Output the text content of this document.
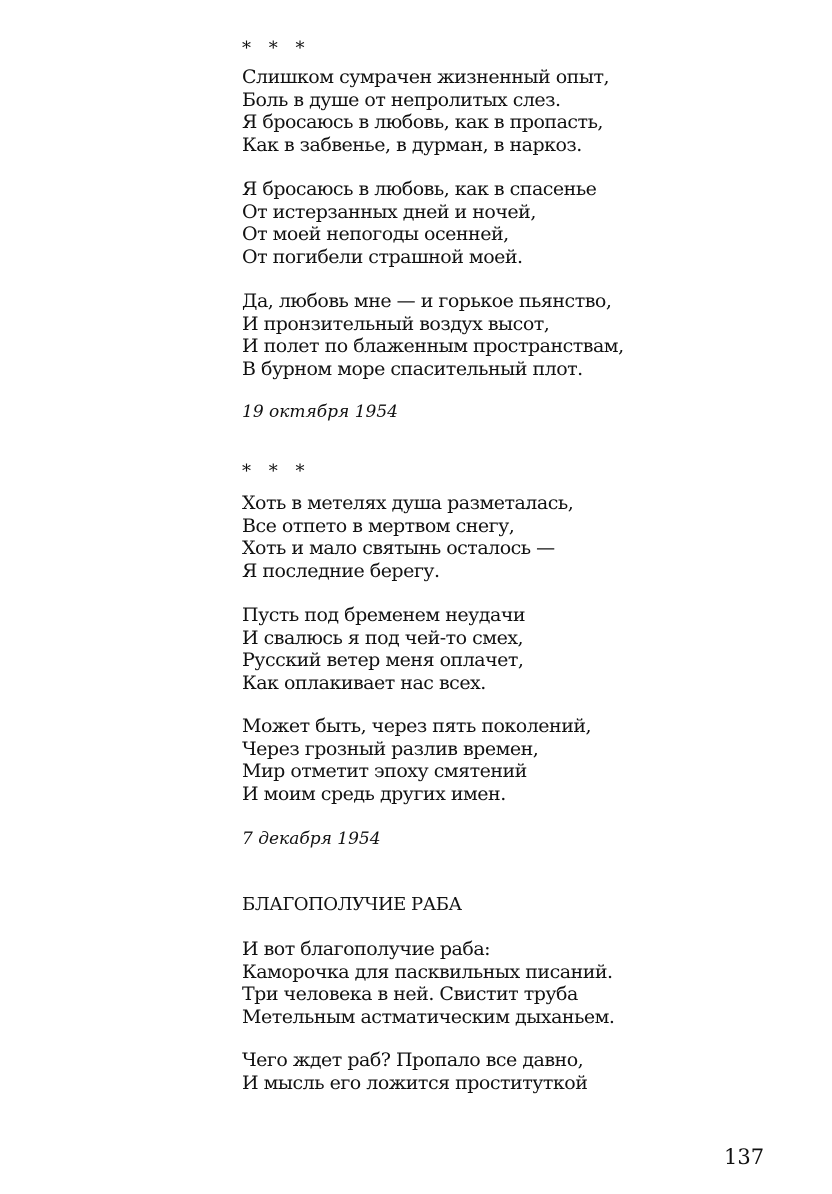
* * *
Слишком сумрачен жизненный опыт,
Боль в душе от непролитых слез.
Я бросаюсь в любовь, как в пропасть,
Как в забвенье, в дурман, в наркоз.
Я бросаюсь в любовь, как в спасенье
От истерзанных дней и ночей,
От моей непогоды осенней,
От погибели страшной моей.
Да, любовь мне — и горькое пьянство,
И пронзительный воздух высот,
И полет по блаженным пространствам,
В бурном море спасительный плот.
19 октября 1954
* * *
Хоть в метелях душа разметалась,
Все отпето в мертвом снегу,
Хоть и мало святынь осталось —
Я последние берегу.
Пусть под бременем неудачи
И свалюсь я под чей-то смех,
Русский ветер меня оплачет,
Как оплакивает нас всех.
Может быть, через пять поколений,
Через грозный разлив времен,
Мир отметит эпоху смятений
И моим средь других имен.
7 декабря 1954
БЛАГОПОЛУЧИЕ РАБА
И вот благополучие раба:
Каморочка для пасквильных писаний.
Три человека в ней. Свистит труба
Метельным астматическим дыханьем.
Чего ждет раб? Пропало все давно,
И мысль его ложится проституткой
137
